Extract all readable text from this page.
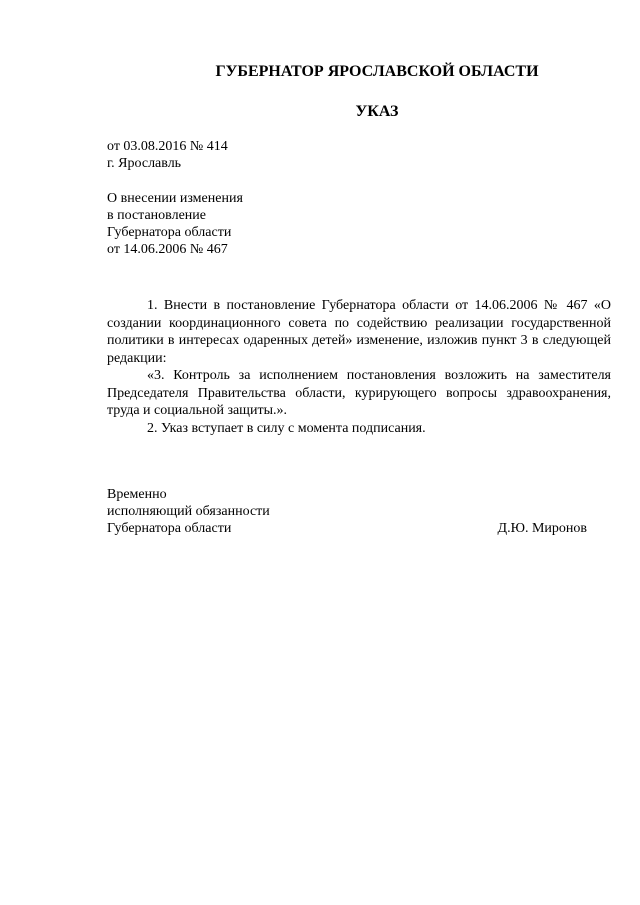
ГУБЕРНАТОР ЯРОСЛАВСКОЙ ОБЛАСТИ
УКАЗ
от 03.08.2016 № 414
г. Ярославль
О внесении изменения
в постановление
Губернатора области
от 14.06.2006 № 467

1. Внести в постановление Губернатора области от 14.06.2006 № 467 «О создании координационного совета по содействию реализации государственной политики в интересах одаренных детей» изменение, изложив пункт 3 в следующей редакции:

«3. Контроль за исполнением постановления возложить на заместителя Председателя Правительства области, курирующего вопросы здравоохранения, труда и социальной защиты.».

2. Указ вступает в силу с момента подписания.

Временно
исполняющий обязанности
Губернатора области	Д.Ю. Миронов
